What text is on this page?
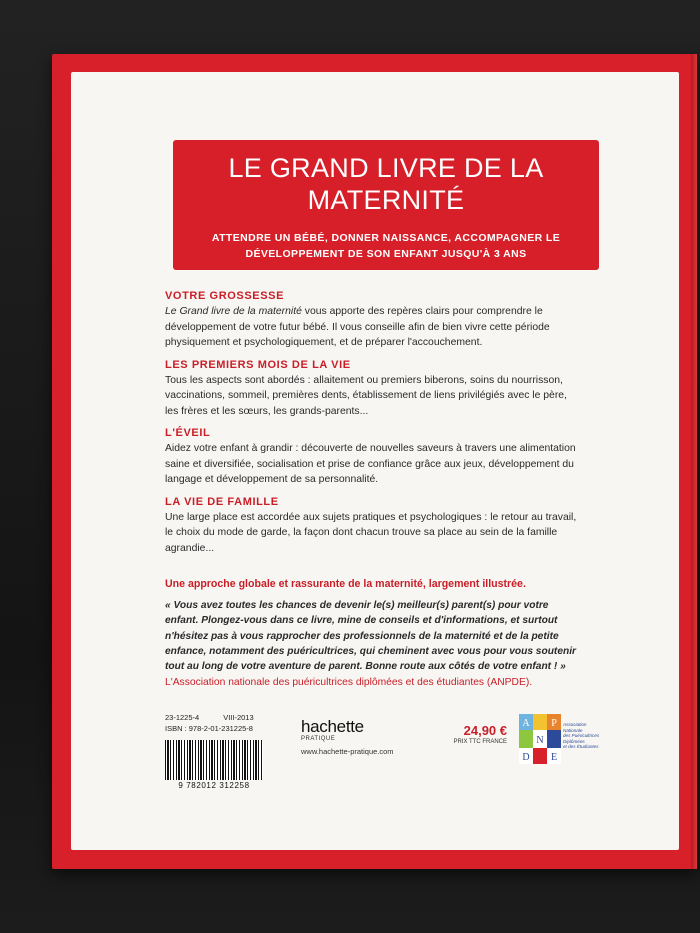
LE GRAND LIVRE DE LA
MATERNITÉ
ATTENDRE UN BÉBÉ, DONNER NAISSANCE, ACCOMPAGNER LE
DÉVELOPPEMENT DE SON ENFANT JUSQU'À 3 ANS
VOTRE GROSSESSE
Le Grand livre de la maternité vous apporte des repères clairs pour comprendre le
développement de votre futur bébé. Il vous conseille afin de bien vivre cette période
physiquement et psychologiquement, et de préparer l'accouchement.
LES PREMIERS MOIS DE LA VIE
Tous les aspects sont abordés : allaitement ou premiers biberons, soins du nourrisson,
vaccinations, sommeil, premières dents, établissement de liens privilégiés avec le père,
les frères et les sœurs, les grands-parents...
L'ÉVEIL
Aidez votre enfant à grandir : découverte de nouvelles saveurs à travers une alimentation
saine et diversifiée, socialisation et prise de confiance grâce aux jeux, développement du
langage et développement de sa personnalité.
LA VIE DE FAMILLE
Une large place est accordée aux sujets pratiques et psychologiques : le retour au travail,
le choix du mode de garde, la façon dont chacun trouve sa place au sein de la famille
agrandie...
Une approche globale et rassurante de la maternité, largement illustrée.
« Vous avez toutes les chances de devenir le(s) meilleur(s) parent(s) pour votre
enfant. Plongez-vous dans ce livre, mine de conseils et d'informations, et surtout
n'hésitez pas à vous rapprocher des professionnels de la maternité et de la petite
enfance, notamment des puéricultrices, qui cheminent avec vous pour vous soutenir
tout au long de votre aventure de parent. Bonne route aux côtés de votre enfant ! »
L'Association nationale des puéricultrices diplômées et des étudiantes (ANPDE).
23-1225-4	VIII-2013
ISBN : 978-2-01-231225-8
9 782012 312258
hachette
PRATIQUE
www.hachette-pratique.com
24,90 €
PRIX TTC FRANCE
A
N
P
D E
Association
Nationale
des Puéricultrices
Diplômées
et des Étudiantes
